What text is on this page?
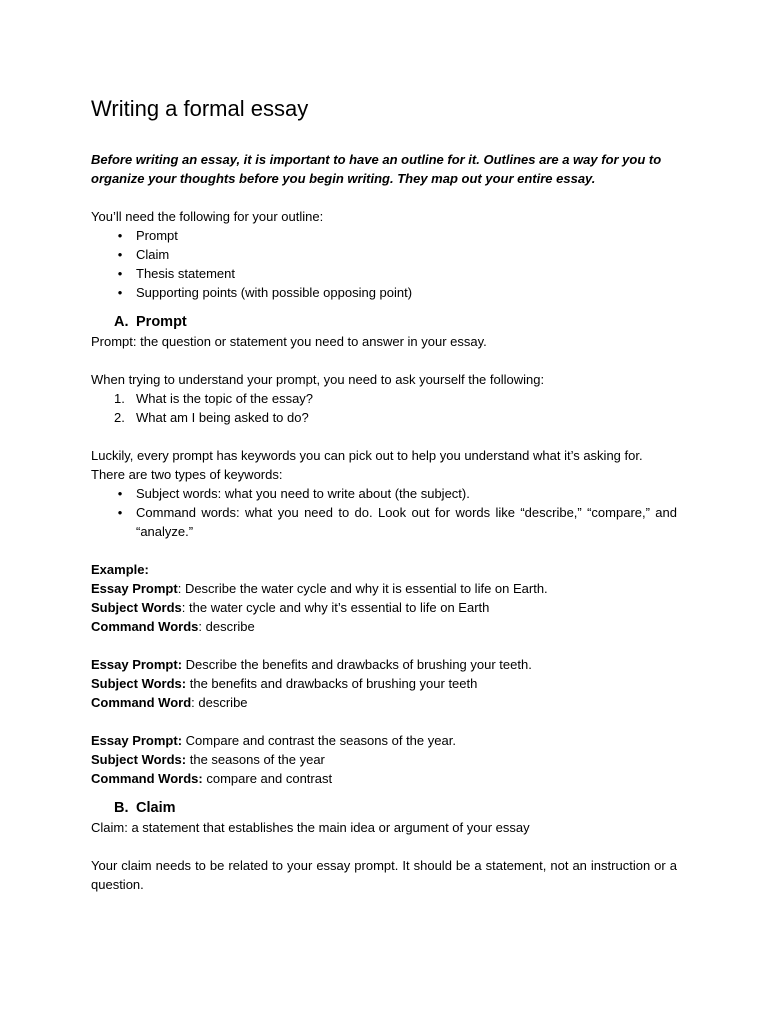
Writing a formal essay

Before writing an essay, it is important to have an outline for it. Outlines are a way for you to organize your thoughts before you begin writing. They map out your entire essay.

You’ll need the following for your outline:

• Prompt
• Claim
• Thesis statement
• Supporting points (with possible opposing point)
A. Prompt

Prompt: the question or statement you need to answer in your essay.

When trying to understand your prompt, you need to ask yourself the following:

1. What is the topic of the essay?
2. What am I being asked to do?

Luckily, every prompt has keywords you can pick out to help you understand what it’s asking for.
There are two types of keywords:

• Subject words: what you need to write about (the subject).
• Command words: what you need to do. Look out for words like “describe,” “compare,” and “analyze.”

Example:

Essay Prompt: Describe the water cycle and why it is essential to life on Earth.

Subject Words: the water cycle and why it’s essential to life on Earth

Command Words: describe

Essay Prompt: Describe the benefits and drawbacks of brushing your teeth.

Subject Words: the benefits and drawbacks of brushing your teeth

Command Word: describe

Essay Prompt: Compare and contrast the seasons of the year.

Subject Words: the seasons of the year

Command Words: compare and contrast

B. Claim

Claim: a statement that establishes the main idea or argument of your essay

Your claim needs to be related to your essay prompt. It should be a statement, not an instruction or a question.
